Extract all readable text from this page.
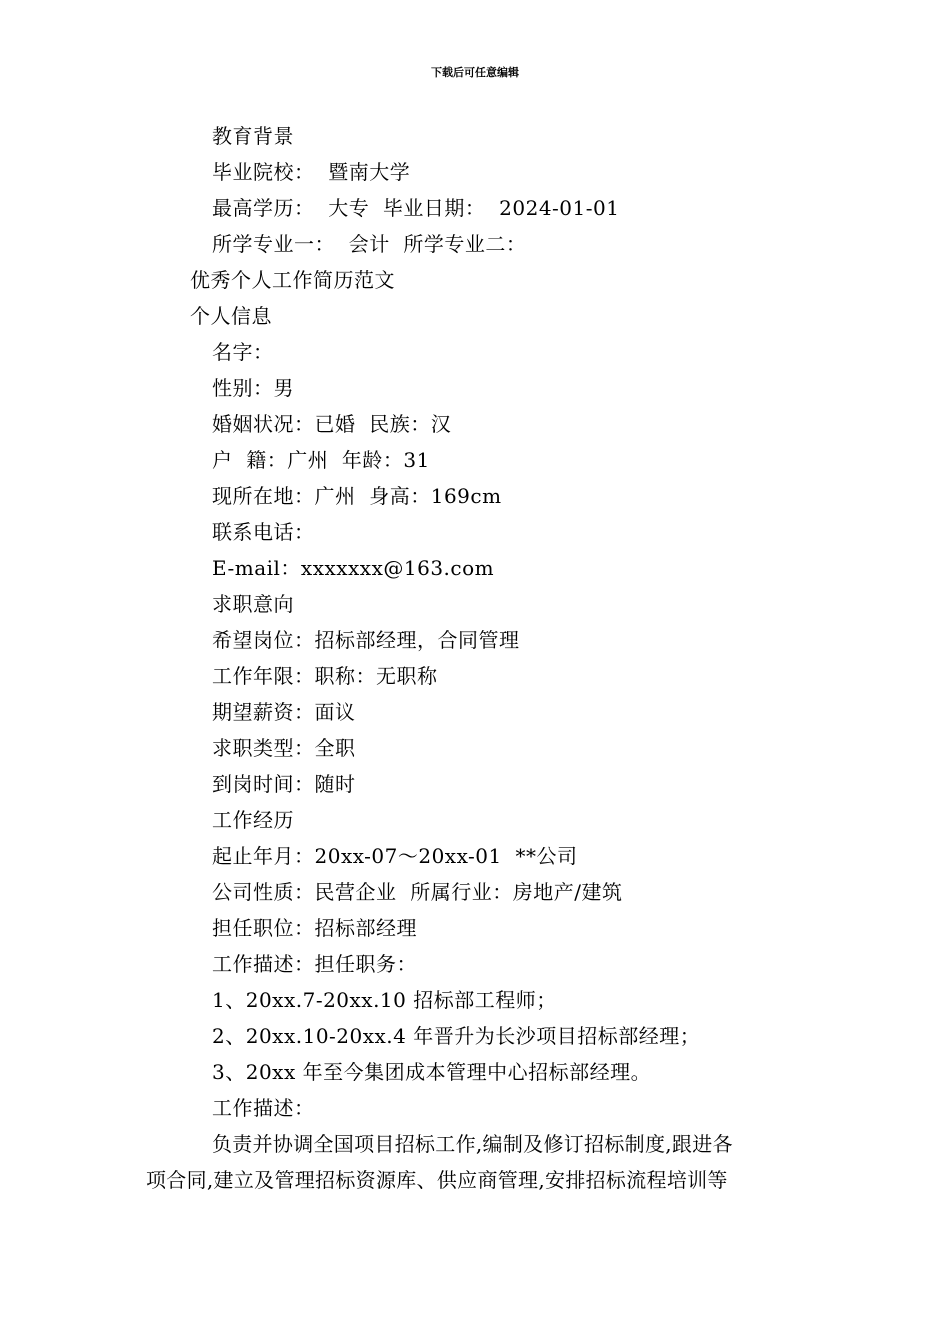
下载后可任意编辑
教育背景
毕业院校：  暨南大学
最高学历：  大专  毕业日期：  2024-01-01
所学专业一：  会计  所学专业二：
优秀个人工作简历范文
个人信息
名字：
性别：男
婚姻状况：已婚  民族：汉
户  籍：广州  年龄：31
现所在地：广州  身高：169cm
联系电话：
E-mail：xxxxxxx@163.com
求职意向
希望岗位：招标部经理，合同管理
工作年限：职称：无职称
期望薪资：面议
求职类型：全职
到岗时间：随时
工作经历
起止年月：20xx-07～20xx-01  **公司
公司性质：民营企业  所属行业：房地产/建筑
担任职位：招标部经理
工作描述：担任职务：
1、20xx.7-20xx.10 招标部工程师；
2、20xx.10-20xx.4 年晋升为长沙项目招标部经理；
3、20xx 年至今集团成本管理中心招标部经理。
工作描述：
负责并协调全国项目招标工作,编制及修订招标制度,跟进各
项合同,建立及管理招标资源库、供应商管理,安排招标流程培训等
